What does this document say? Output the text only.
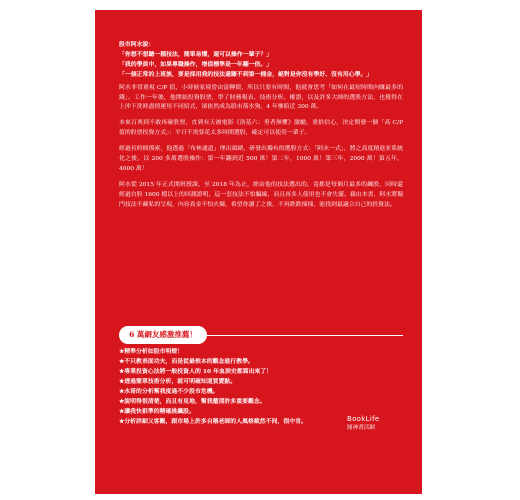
股市阿水說：
「你想不想聽一種技法，簡單易懂，還可以操作一輩子？」
「我的學員中，如果專職操作，增值標準是一年翻一倍。」
「一個正常的上班族，要是採用我的技法還賺不到第一桶金，絕對是你沒有學好、沒有用心學。」
阿水非常重視 C/P 值，小時候家境曾由富轉債，所以只要有時間，他就會思考「如何在最短時間內賺最多的錢」。工作一年後，他開始投資股票，學了財務報表、技術分析、權證，以及許多大師的選股方法，也獲得在上沖下洗時盡情運用不同招式，卻依然成為股市落水狗，4 年慘賠近 300 萬。
本來百喪到不敢再碰股票，直到有天被電影《洛基六：勇者無懼》激勵，重拾信心，決定開發一個「高 C/P 值的股票投資方式」：平日不需要花太多時間選股，確定可以使用一輩子。
經過長時間摸索，他透過「布林通道」理出頭緒，研發出獨有的選股方式：「阿水一式」，將之高度精進並系統化之後，以 200 多萬選股操作：第一年翻到近 500 萬！第二年，1000 萬！第三年，2000 萬！第五年，4000 萬！
阿水從 2015 年正式開班授課，至 2018 年為止，經由他的技法選出的，竟都是每個月最多的飆股，同時還經過台股 1600 檔以上的回測證明，這一套技法不怕騙線，而且再多人使用也不會失靈。藉由本書，阿水將獨門技法不藏私的呈現，內容真金不怕火煉，希望你讀了之後，不再跌跌撞撞，能找到最適合自己的投資法。
6 萬網友感激推薦！
★ 精準分析如股市明燈！
★ 不只教表面功夫，而是從最根本的觀念進行教學。
★ 專業投資心法將一般投資人的 10 年血淚史都寫出來了！
★ 透過簡單技術分析，就可明確知道買賣點。
★ 水哥的分析幫我度過不少股市危機。
★ 說明得很清楚，而且有見地，幫我釐清許多重要觀念。
★ 讓我快狠準的精確挑飆股。
★ 分析詳細又客觀，跟市場上許多自稱老師的人風格截然不同，很中肯。	BookLife
圓神書活網
